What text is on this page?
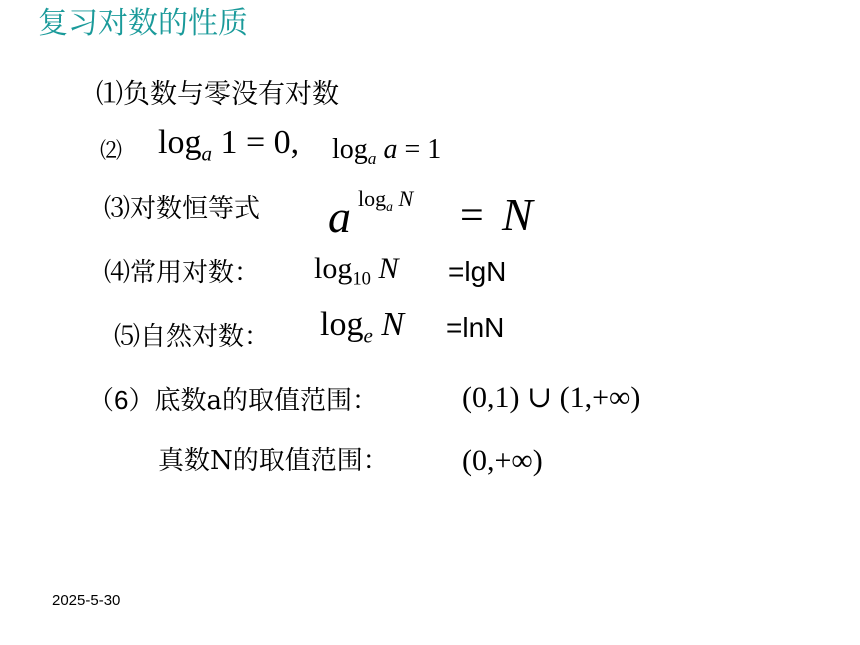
复习对数的性质
⑴负数与零没有对数
⑵ $\log_a 1 = 0$, $\log_a a = 1$
⑶对数恒等式 a $\log_a N = N$
⑷常用对数： $\log_{10} N =\lg N$
⑸自然对数： $\log_e N =\ln N$
（6）底数a的取值范围：	(0,1) ∪ (1,+∞)
真数N的取值范围： (0,+∞)
2025-5-30
